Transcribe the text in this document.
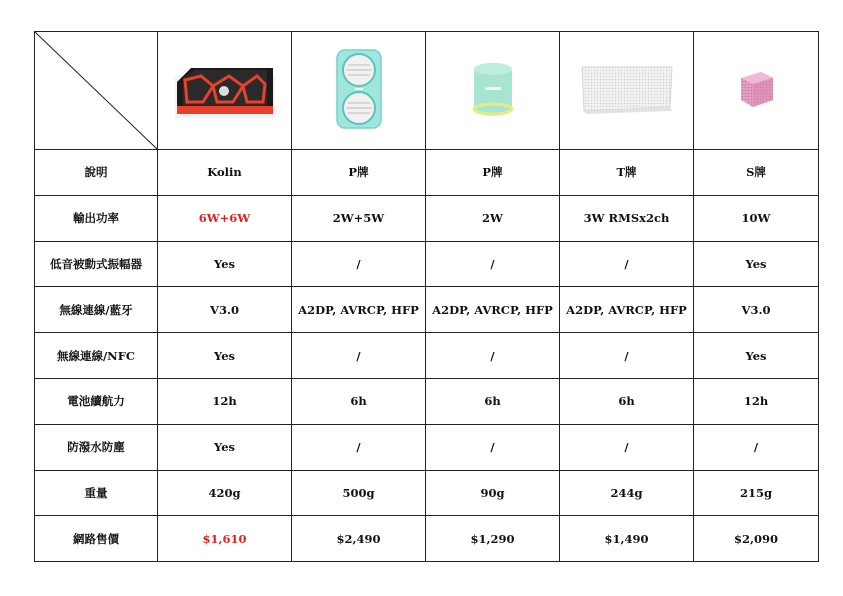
說明	Kolin	P牌	P牌	T牌	S牌
輸出功率	6W+6W	2W+5W	2W	3W RMSx2ch	10W
低音被動式振幅器	Yes	/	/	/	Yes
無線連線/藍牙	V3.0	A2DP, AVRCP, HFP	A2DP, AVRCP, HFP	A2DP, AVRCP, HFP	V3.0
無線連線/NFC	Yes	/	/	/	Yes
電池續航力	12h	6h	6h	6h	12h
防潑水防塵	Yes	/	/	/	/
重量	420g	500g	90g	244g	215g
網路售價	$1,610	$2,490	$1,290	$1,490	$2,090
